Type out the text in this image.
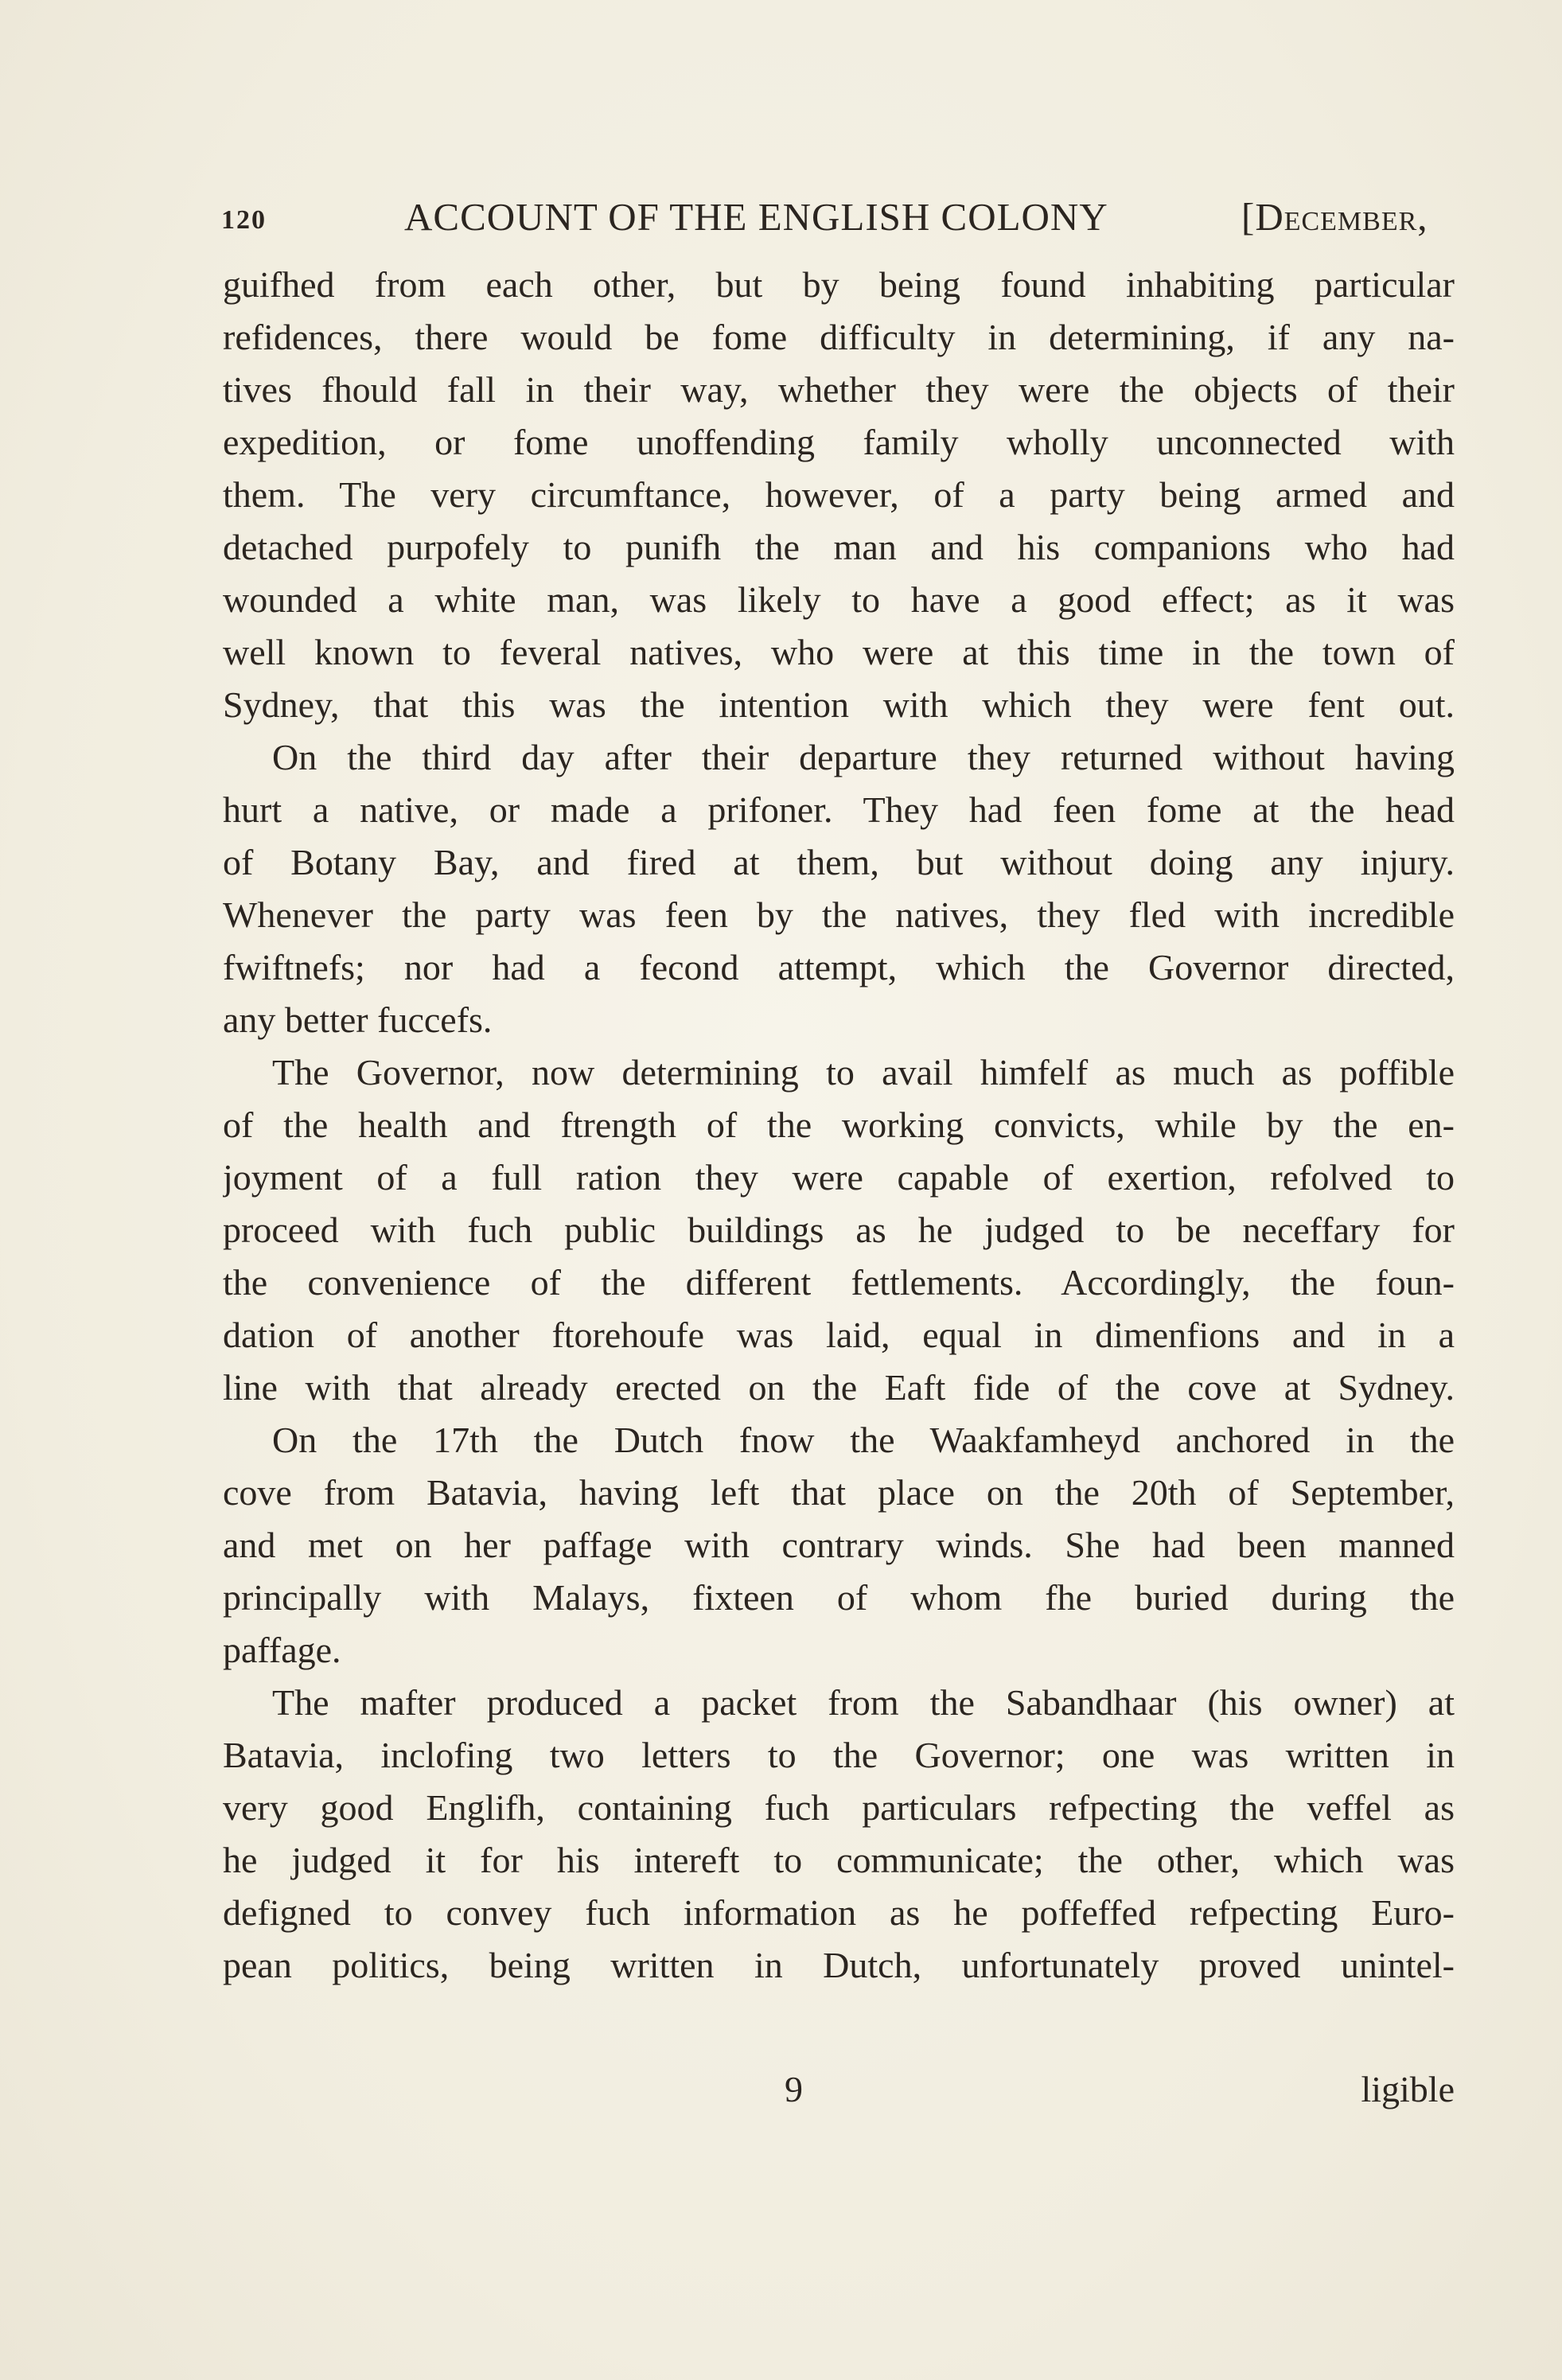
120	ACCOUNT OF THE ENGLISH COLONY	[December,
guifhed from each other, but by being found inhabiting particular
refidences, there would be fome difficulty in determining, if any na-
tives fhould fall in their way, whether they were the objects of their
expedition, or fome unoffending family wholly unconnected with
them. The very circumftance, however, of a party being armed and
detached purpofely to punifh the man and his companions who had
wounded a white man, was likely to have a good effect; as it was
well known to feveral natives, who were at this time in the town of
Sydney, that this was the intention with which they were fent out.
On the third day after their departure they returned without having
hurt a native, or made a prifoner. They had feen fome at the head
of Botany Bay, and fired at them, but without doing any injury.
Whenever the party was feen by the natives, they fled with incredible
fwiftnefs; nor had a fecond attempt, which the Governor directed,
any better fuccefs.
The Governor, now determining to avail himfelf as much as poffible
of the health and ftrength of the working convicts, while by the en-
joyment of a full ration they were capable of exertion, refolved to
proceed with fuch public buildings as he judged to be neceffary for
the convenience of the different fettlements. Accordingly, the foun-
dation of another ftorehoufe was laid, equal in dimenfions and in a
line with that already erected on the Eaft fide of the cove at Sydney.
On the 17th the Dutch fnow the Waakfamheyd anchored in the
cove from Batavia, having left that place on the 20th of September,
and met on her paffage with contrary winds. She had been manned
principally with Malays, fixteen of whom fhe buried during the
paffage.
The mafter produced a packet from the Sabandhaar (his owner) at
Batavia, inclofing two letters to the Governor; one was written in
very good Englifh, containing fuch particulars refpecting the veffel as
he judged it for his intereft to communicate; the other, which was
defigned to convey fuch information as he poffeffed refpecting Euro-
pean politics, being written in Dutch, unfortunately proved unintel-
9	ligible
